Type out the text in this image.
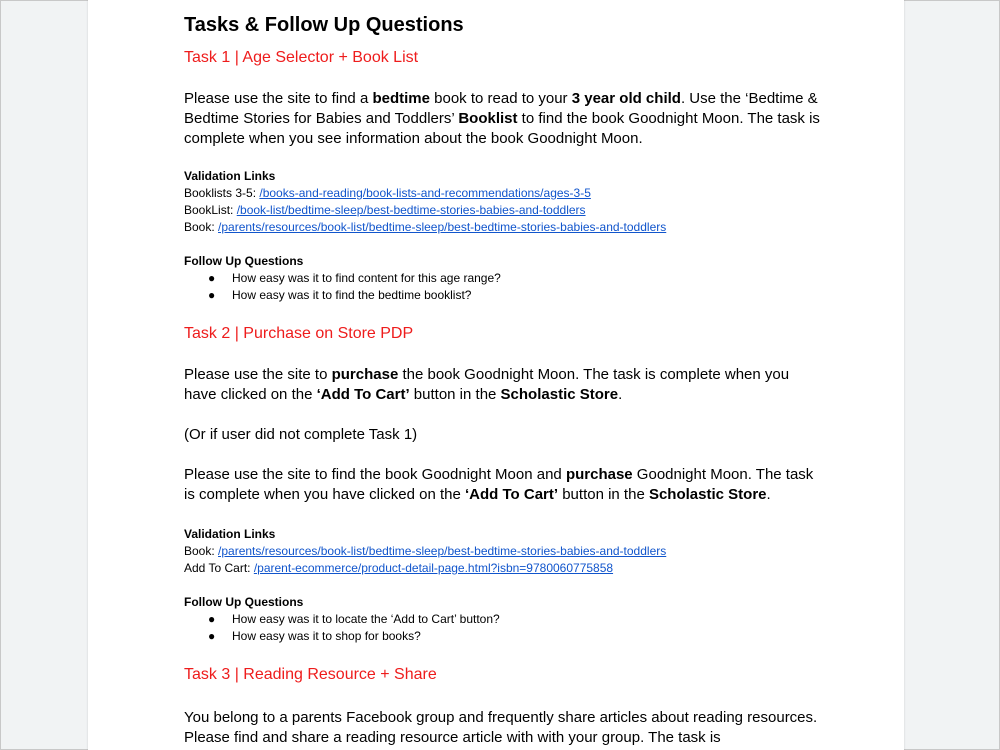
Tasks & Follow Up Questions
Task 1 | Age Selector + Book List
Please use the site to find a bedtime book to read to your 3 year old child. Use the ‘Bedtime & Bedtime Stories for Babies and Toddlers’ Booklist to find the book Goodnight Moon. The task is complete when you see information about the book Goodnight Moon.
Validation Links
Booklists 3-5: /books-and-reading/book-lists-and-recommendations/ages-3-5
BookList: /book-list/bedtime-sleep/best-bedtime-stories-babies-and-toddlers
Book: /parents/resources/book-list/bedtime-sleep/best-bedtime-stories-babies-and-toddlers
Follow Up Questions
● How easy was it to find content for this age range?
● How easy was it to find the bedtime booklist?
Task 2 | Purchase on Store PDP
Please use the site to purchase the book Goodnight Moon. The task is complete when you have clicked on the ‘Add To Cart’ button in the Scholastic Store.
(Or if user did not complete Task 1)
Please use the site to find the book Goodnight Moon and purchase Goodnight Moon. The task is complete when you have clicked on the ‘Add To Cart’ button in the Scholastic Store.
Validation Links
Book: /parents/resources/book-list/bedtime-sleep/best-bedtime-stories-babies-and-toddlers
Add To Cart: /parent-ecommerce/product-detail-page.html?isbn=9780060775858
Follow Up Questions
● How easy was it to locate the ‘Add to Cart’ button?
● How easy was it to shop for books?
Task 3 | Reading Resource + Share
You belong to a parents Facebook group and frequently share articles about reading resources. Please find and share a reading resource article with with your group. The task is
